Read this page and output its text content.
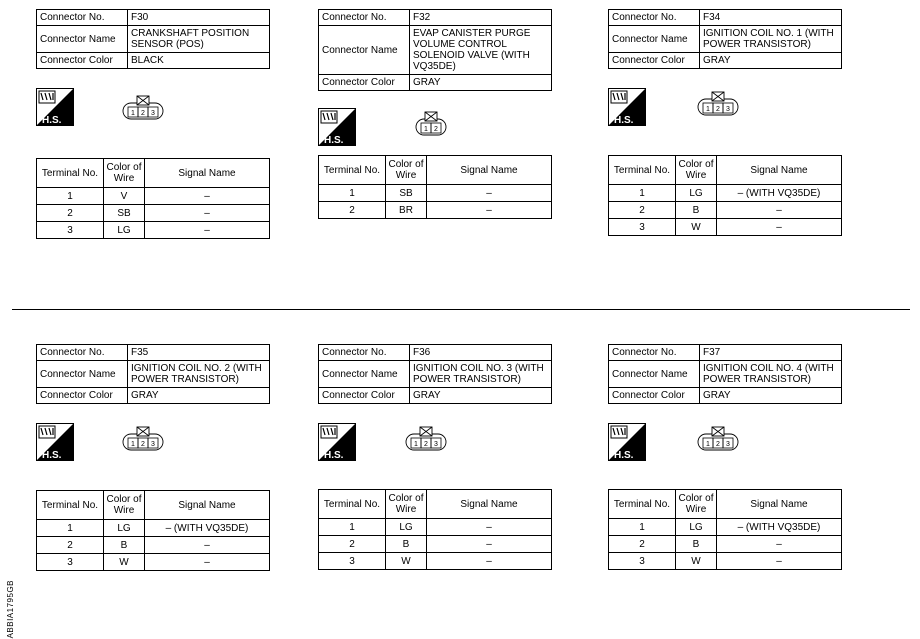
ABBIA1795GB
Connector No.	F30
Connector Name	CRANKSHAFT POSITION SENSOR (POS)
Connector Color	BLACK
H.S.
1 2 3
Terminal No.	Color of Wire	Signal Name
1	V	–
2	SB	–
3	LG	–
Connector No.	F32
Connector Name	EVAP CANISTER PURGE VOLUME CONTROL SOLENOID VALVE (WITH VQ35DE)
Connector Color	GRAY
H.S.
1 2
Terminal No.	Color of Wire	Signal Name
1	SB	–
2	BR	–
Connector No.	F34
Connector Name	IGNITION COIL NO. 1 (WITH POWER TRANSISTOR)
Connector Color	GRAY
H.S.
1 2 3
Terminal No.	Color of Wire	Signal Name
1	LG	– (WITH VQ35DE)
2	B	–
3	W	–
Connector No.	F35
Connector Name	IGNITION COIL NO. 2 (WITH POWER TRANSISTOR)
Connector Color	GRAY
H.S.
1 2 3
Terminal No.	Color of Wire	Signal Name
1	LG	– (WITH VQ35DE)
2	B	–
3	W	–
Connector No.	F36
Connector Name	IGNITION COIL NO. 3 (WITH POWER TRANSISTOR)
Connector Color	GRAY
H.S.
1 2 3
Terminal No.	Color of Wire	Signal Name
1	LG	–
2	B	–
3	W	–
Connector No.	F37
Connector Name	IGNITION COIL NO. 4 (WITH POWER TRANSISTOR)
Connector Color	GRAY
H.S.
1 2 3
Terminal No.	Color of Wire	Signal Name
1	LG	– (WITH VQ35DE)
2	B	–
3	W	–
